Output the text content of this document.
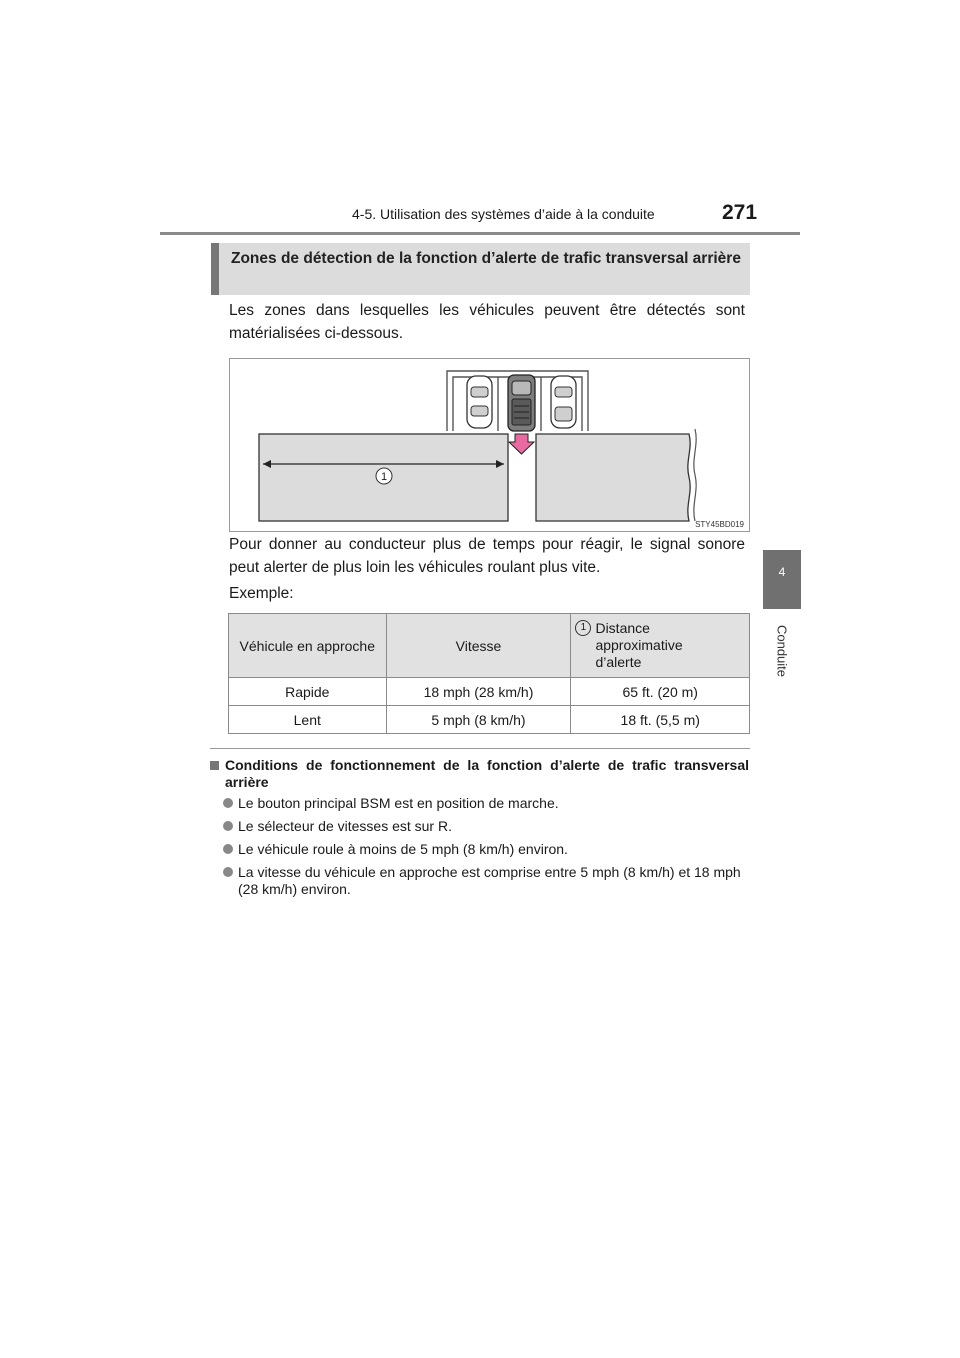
4-5. Utilisation des systèmes d’aide à la conduite	271
4
Conduite
Zones de détection de la fonction d’alerte de trafic transversal arrière
Les zones dans lesquelles les véhicules peuvent être détectés sont matérialisées ci-dessous.
1
STY45BD019
Pour donner au conducteur plus de temps pour réagir, le signal sonore peut alerter de plus loin les véhicules roulant plus vite.
Exemple:
Véhicule en approche	Vitesse	1 Distance approximative d’alerte

Rapide	18 mph (28 km/h)	65 ft. (20 m)
Lent	5 mph (8 km/h)	18 ft. (5,5 m)
Conditions de fonctionnement de la fonction d’alerte de trafic transversal arrière
Le bouton principal BSM est en position de marche.
Le sélecteur de vitesses est sur R.
Le véhicule roule à moins de 5 mph (8 km/h) environ.
La vitesse du véhicule en approche est comprise entre 5 mph (8 km/h) et 18 mph (28 km/h) environ.
